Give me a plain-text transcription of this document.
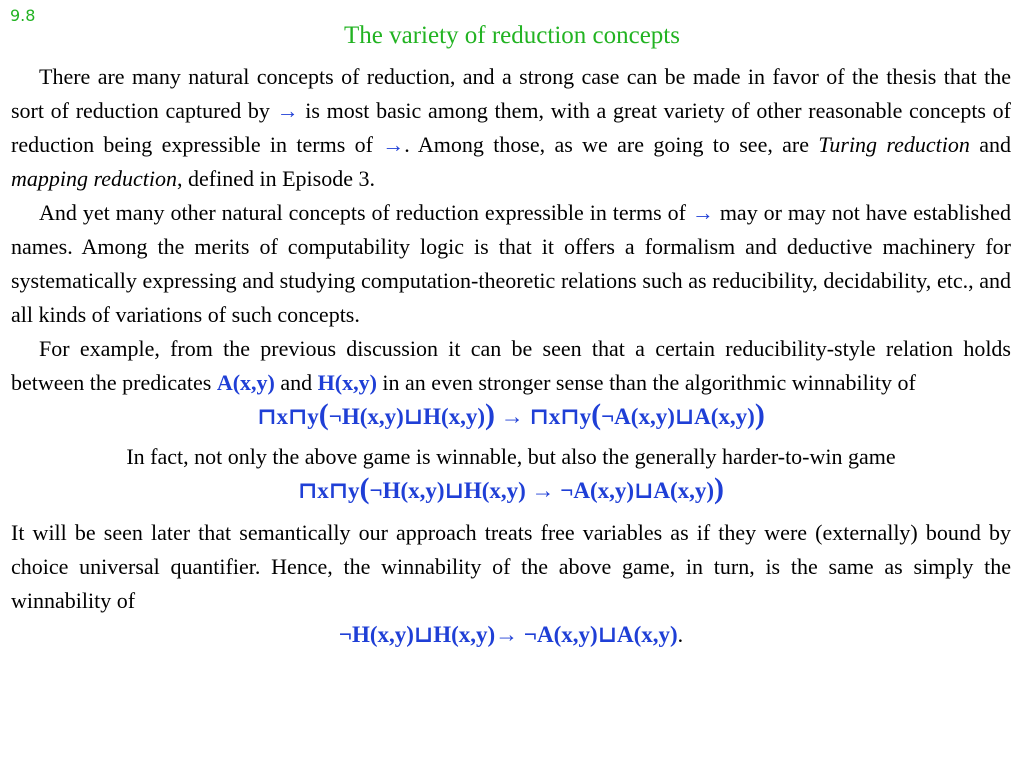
9.8
The variety of reduction concepts

There are many natural concepts of reduction, and a strong case can be made in favor of the thesis that the sort of reduction captured by → is most basic among them, with a great variety of other reasonable concepts of reduction being expressible in terms of →. Among those, as we are going to see, are Turing reduction and mapping reduction, defined in Episode 3.

And yet many other natural concepts of reduction expressible in terms of → may or may not have established names. Among the merits of computability logic is that it offers a formalism and deductive machinery for systematically expressing and studying computation-theoretic relations such as reducibility, decidability, etc., and all kinds of variations of such concepts.

For example, from the previous discussion it can be seen that a certain reducibility-style relation holds between the predicates A(x,y) and H(x,y) in an even stronger sense than the algorithmic winnability of

⊓x⊓y(¬H(x,y)⊔H(x,y)) → ⊓x⊓y(¬A(x,y)⊔A(x,y))

In fact, not only the above game is winnable, but also the generally harder-to-win game

⊓x⊓y(¬H(x,y)⊔H(x,y) → ¬A(x,y)⊔A(x,y))

It will be seen later that semantically our approach treats free variables as if they were (externally) bound by choice universal quantifier. Hence, the winnability of the above game, in turn, is the same as simply the winnability of

¬H(x,y)⊔H(x,y)→ ¬A(x,y)⊔A(x,y).
